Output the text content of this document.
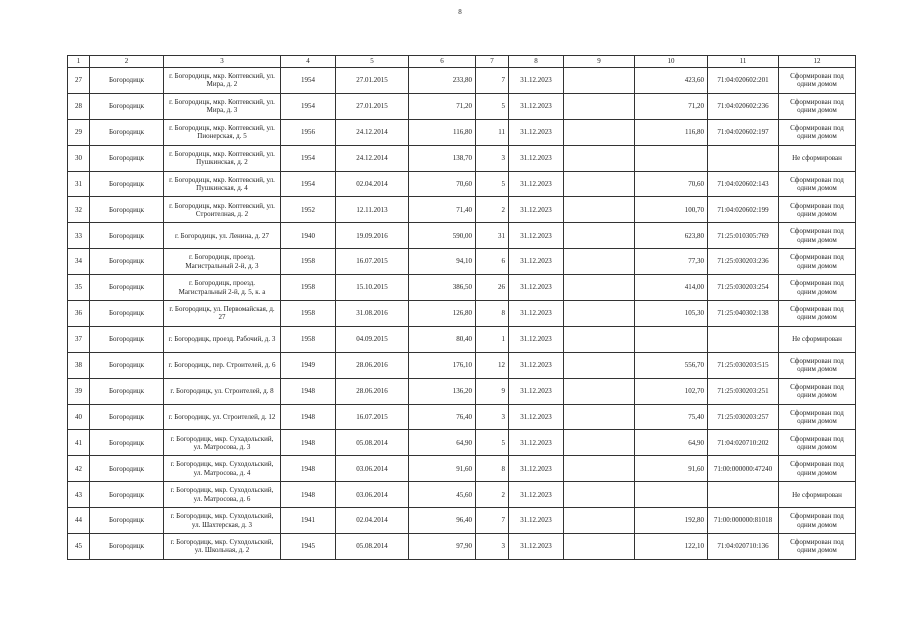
8
1	2	3	4	5	6	7	8	9	10	11	12
27	Богородицк	г. Богородицк, мкр. Коптевский, ул. Мира, д. 2	1954	27.01.2015	233,80	7	31.12.2023		423,60	71:04:020602:201	Сформирован под одним домом
28	Богородицк	г. Богородицк, мкр. Коптевский, ул. Мира, д. 3	1954	27.01.2015	71,20	5	31.12.2023		71,20	71:04:020602:236	Сформирован под одним домом
29	Богородицк	г. Богородицк, мкр. Коптевский, ул. Пионерская, д. 5	1956	24.12.2014	116,80	11	31.12.2023		116,80	71:04:020602:197	Сформирован под одним домом
30	Богородицк	г. Богородицк, мкр. Коптевский, ул. Пушкинская, д. 2	1954	24.12.2014	138,70	3	31.12.2023				Не сформирован
31	Богородицк	г. Богородицк, мкр. Коптевский, ул. Пушкинская, д. 4	1954	02.04.2014	70,60	5	31.12.2023		70,60	71:04:020602:143	Сформирован под одним домом
32	Богородицк	г. Богородицк, мкр. Коптевский, ул. Строителная, д. 2	1952	12.11.2013	71,40	2	31.12.2023		100,70	71:04:020602:199	Сформирован под одним домом
33	Богородицк	г. Богородицк, ул. Ленина, д. 27	1940	19.09.2016	590,00	31	31.12.2023		623,80	71:25:010305:769	Сформирован под одним домом
34	Богородицк	г. Богородицк, проезд. Магистральный 2-й, д. 3	1958	16.07.2015	94,10	6	31.12.2023		77,30	71:25:030203:236	Сформирован под одним домом
35	Богородицк	г. Богородицк, проезд. Магистральный 2-й, д. 5, к. а	1958	15.10.2015	386,50	26	31.12.2023		414,00	71:25:030203:254	Сформирован под одним домом
36	Богородицк	г. Богородицк, ул. Первомайская, д. 27	1958	31.08.2016	126,80	8	31.12.2023		105,30	71:25:040302:138	Сформирован под одним домом
37	Богородицк	г. Богородицк, проезд. Рабочий, д. 3	1958	04.09.2015	80,40	1	31.12.2023				Не сформирован
38	Богородицк	г. Богородицк, пер. Строителей, д. 6	1949	28.06.2016	176,10	12	31.12.2023		556,70	71:25:030203:515	Сформирован под одним домом
39	Богородицк	г. Богородицк, ул. Строителей, д. 8	1948	28.06.2016	136,20	9	31.12.2023		102,70	71:25:030203:251	Сформирован под одним домом
40	Богородицк	г. Богородицк, ул. Строителей, д. 12	1948	16.07.2015	76,40	3	31.12.2023		75,40	71:25:030203:257	Сформирован под одним домом
41	Богородицк	г. Богородицк, мкр. Сухадольский, ул. Матросова, д. 3	1948	05.08.2014	64,90	5	31.12.2023		64,90	71:04:020710:202	Сформирован под одним домом
42	Богородицк	г. Богородицк, мкр. Суходольский, ул. Матросова, д. 4	1948	03.06.2014	91,60	8	31.12.2023		91,60	71:00:000000:47240	Сформирован под одним домом
43	Богородицк	г. Богородицк, мкр. Суходольский, ул. Матросова, д. 6	1948	03.06.2014	45,60	2	31.12.2023				Не сформирован
44	Богородицк	г. Богородицк, мкр. Суходольский, ул. Шахтерская, д. 3	1941	02.04.2014	96,40	7	31.12.2023		192,80	71:00:000000:81018	Сформирован под одним домом
45	Богородицк	г. Богородицк, мкр. Суходольский, ул. Школьная, д. 2	1945	05.08.2014	97,90	3	31.12.2023		122,10	71:04:020710:136	Сформирован под одним домом
